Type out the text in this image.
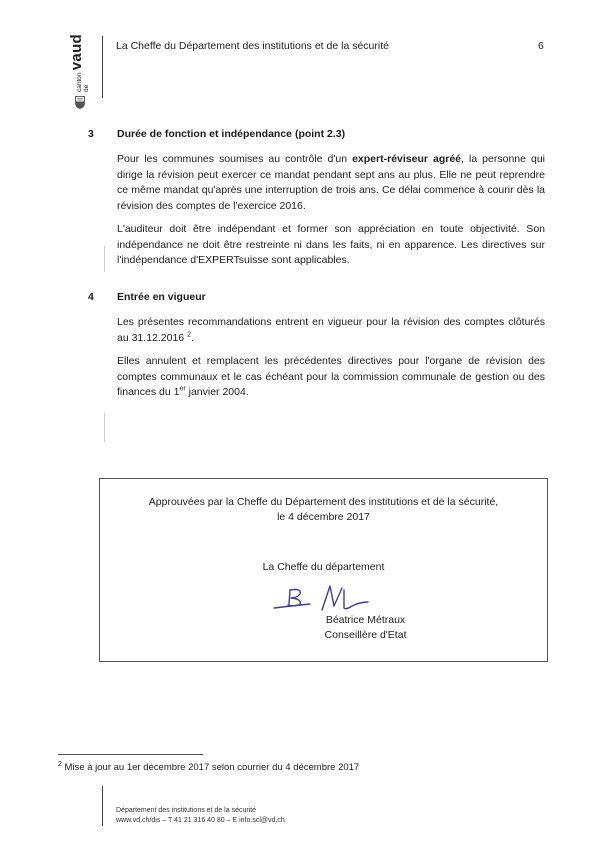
canton de
vaud	La Cheffe du Département des institutions et de la sécurité	6
3 Durée de fonction et indépendance (point 2.3)
Pour les communes soumises au contrôle d'un expert-réviseur agréé, la personne qui dirige la révision peut exercer ce mandat pendant sept ans au plus. Elle ne peut reprendre ce même mandat qu'après une interruption de trois ans. Ce délai commence à courir dès la révision des comptes de l'exercice 2016.
L'auditeur doit être indépendant et former son appréciation en toute objectivité. Son indépendance ne doit être restreinte ni dans les faits, ni en apparence. Les directives sur l'indépendance d'EXPERTsuisse sont applicables.
4 Entrée en vigueur
Les présentes recommandations entrent en vigueur pour la révision des comptes clôturés au 31.12.2016 $^2$.
Elles annulent et remplacent les précédentes directives pour l'organe de révision des comptes communaux et le cas échéant pour la commission communale de gestion ou des finances du 1er janvier 2004.
Approuvées par la Cheffe du Département des institutions et de la sécurité,
le 4 décembre 2017
La Cheffe du département
Béatrice Métraux
Conseillère d'Etat
$^2$ Mise à jour au 1er décembre 2017 selon courrier du 4 décembre 2017
Département des institutions et de la sécurité
www.vd.ch/dis – T 41 21 316 40 80 – E info.scl@vd.ch
